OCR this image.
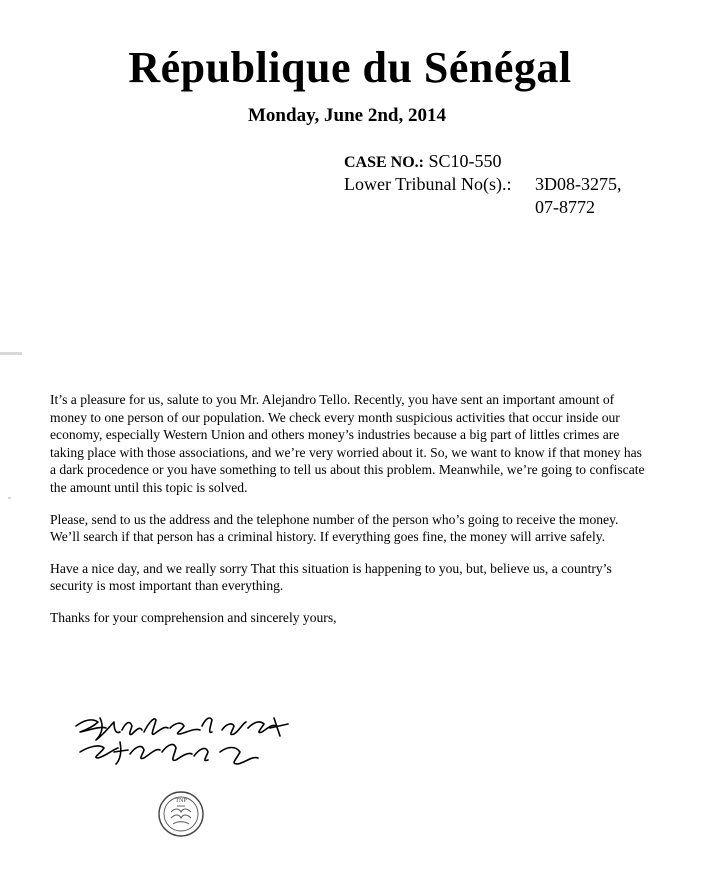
République du Sénégal
Monday, June 2nd, 2014
CASE NO.: SC10-550
Lower Tribunal No(s).: 3D08-3275,
07-8772

It’s a pleasure for us, salute to you Mr. Alejandro Tello. Recently, you have sent an important amount of money to one person of our population. We check every month suspicious activities that occur inside our economy, especially Western Union and others money’s industries because a big part of littles crimes are taking place with those associations, and we’re very worried about it. So, we want to know if that money has a dark procedence or you have something to tell us about this problem. Meanwhile, we’re going to confiscate the amount until this topic is solved.

Please, send to us the address and the telephone number of the person who’s going to receive the money. We’ll search if that person has a criminal history. If everything goes fine, the money will arrive safely.

Have a nice day, and we really sorry That this situation is happening to you, but, believe us, a country’s security is most important than everything.

Thanks for your comprehension and sincerely yours,

TNP
